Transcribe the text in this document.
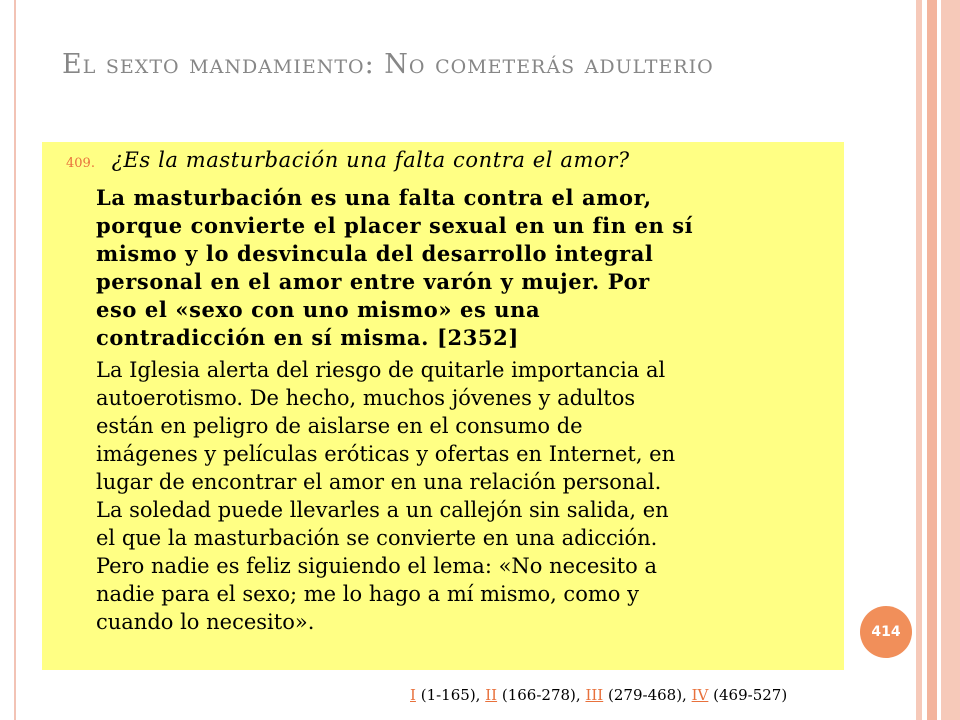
El sexto mandamiento: No cometerás adulterio
409. ¿Es la masturbación una falta contra el amor?
La masturbación es una falta contra el amor,
porque convierte el placer sexual en un fin en sí
mismo y lo desvincula del desarrollo integral
personal en el amor entre varón y mujer. Por
eso el «sexo con uno mismo» es una
contradicción en sí misma. [2352]
La Iglesia alerta del riesgo de quitarle importancia al
autoerotismo. De hecho, muchos jóvenes y adultos
están en peligro de aislarse en el consumo de
imágenes y películas eróticas y ofertas en Internet, en
lugar de encontrar el amor en una relación personal.
La soledad puede llevarles a un callejón sin salida, en
el que la masturbación se convierte en una adicción.
Pero nadie es feliz siguiendo el lema: «No necesito a
nadie para el sexo; me lo hago a mí mismo, como y
cuando lo necesito».	414
I (1-165), II (166-278), III (279-468), IV (469-527)
